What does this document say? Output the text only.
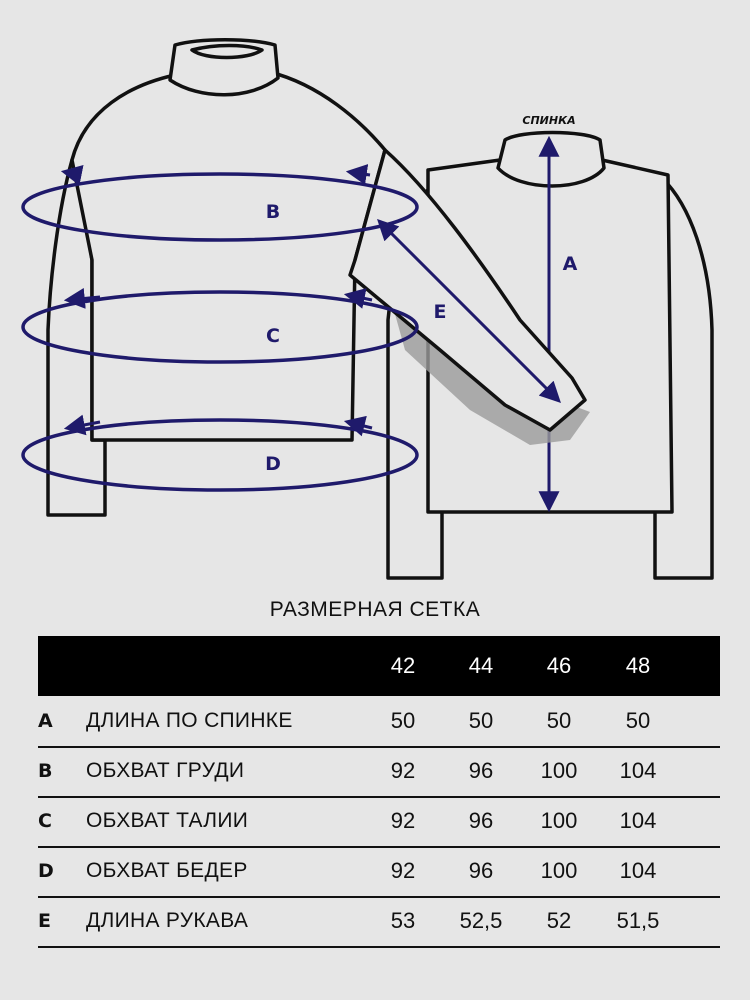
СПИНКА
A
E
B
C
D
РАЗМЕРНАЯ СЕТКА
42	44	46	48
A ДЛИНА ПО СПИНКЕ	50	50	50	50
B ОБХВАТ ГРУДИ	92	96	100	104
C ОБХВАТ ТАЛИИ	92	96	100	104
D ОБХВАТ БЕДЕР	92	96	100	104
E	ДЛИНА РУКАВА	53	52,5	52	51,5
